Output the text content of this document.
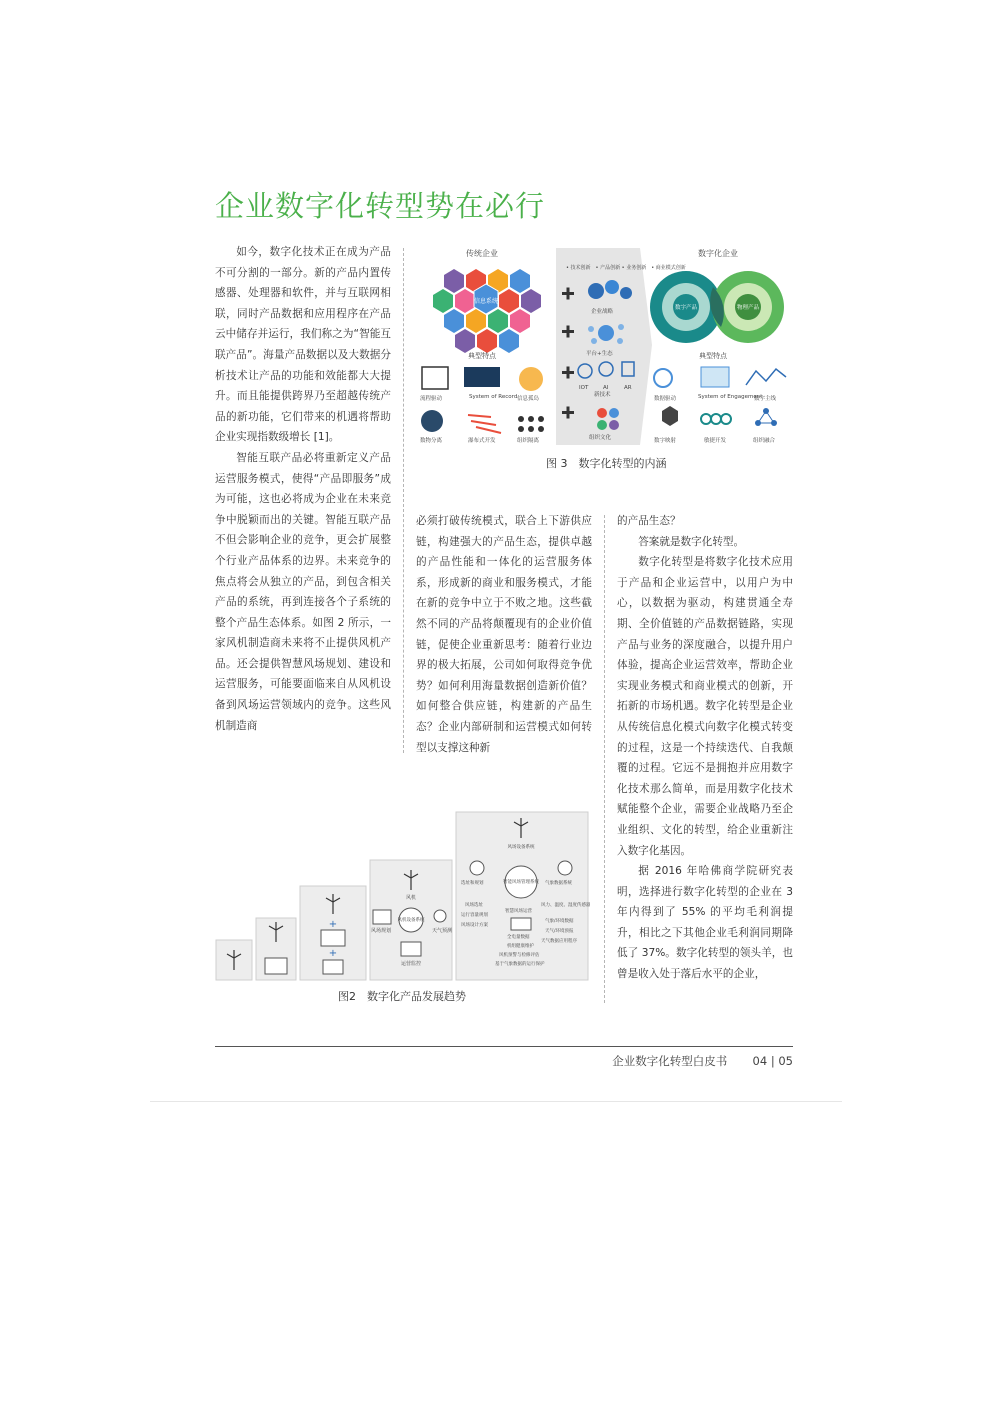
企业数字化转型势在必行

如今，数字化技术正在成为产品不可分割的一部分。新的产品内置传感器、处理器和软件，并与互联网相联，同时产品数据和应用程序在产品云中储存并运行，我们称之为“智能互联产品”。海量产品数据以及大数据分析技术让产品的功能和效能都大大提升。而且能提供跨界乃至超越传统产品的新功能，它们带来的机遇将帮助企业实现指数级增长 [1]。

智能互联产品必将重新定义产品运营服务模式，使得“产品即服务”成为可能，这也必将成为企业在未来竞争中脱颖而出的关键。智能互联产品不但会影响企业的竞争，更会扩展整个行业产品体系的边界。未来竞争的焦点将会从独立的产品，到包含相关产品的系统，再到连接各个子系统的整个产品生态体系。如图 2 所示，一家风机制造商未来将不止提供风机产品。还会提供智慧风场规划、建设和运营服务，可能要面临来自从风机设备到风场运营领域内的竞争。这些风机制造商

传统企业	数字化企业
信息系统
典型特点
流程驱动	System of Record 信息孤岛
数物分离	瀑布式开发	组织隔离
• 技术创新　• 产品创新 • 业务创新　• 商业模式创新
企业战略
平台+生态
IOT	AI	AR
新技术
组织文化
数字产品	物理产品
典型特点
数据驱动	System of Engagement
数字主线
数字映射	敏捷开发	组织融合
图 3　数字化转型的内涵

必须打破传统模式，联合上下游供应链，构建强大的产品生态，提供卓越的产品性能和一体化的运营服务体系，形成新的商业和服务模式，才能在新的竞争中立于不败之地。这些截然不同的产品将颠覆现有的企业价值链，促使企业重新思考：随着行业边界的极大拓展，公司如何取得竞争优势？如何利用海量数据创造新价值？如何整合供应链，构建新的产品生态？企业内部研制和运营模式如何转型以支撑这种新

的产品生态？

答案就是数字化转型。

数字化转型是将数字化技术应用于产品和企业运营中，以用户为中心，以数据为驱动，构建贯通全寿期、全价值链的产品数据链路，实现产品与业务的深度融合，以提升用户体验，提高企业运营效率，帮助企业实现业务模式和商业模式的创新，开拓新的市场机遇。数字化转型是企业从传统信息化模式向数字化模式转变的过程，这是一个持续迭代、自我颠覆的过程。它远不是拥抱并应用数字化技术那么简单，而是用数字化技术赋能整个企业，需要企业战略乃至企业组织、文化的转型，给企业重新注入数字化基因。

据 2016 年哈佛商学院研究表明，选择进行数字化转型的企业在 3 年内得到了 55% 的平均毛利润提升，相比之下其他企业毛利润同期降低了 37%。数字化转型的领头羊，也曾是收入处于落后水平的企业，

+
+
风机
风场规划
风机设备系统
天气预测
运营监控
风场设备系统
智能风场管理系统
选址和规划	气象数据系统
风场选址
运行容量规划
风场设计方案
智慧风场运营
全电量数据
机组健康维护
风机预警与检修评估
基于气象数据的运行保护
风力、温度、湿度传感器
气象/环境数据
天气/环境预报
天气数据应用程序
图2　数字化产品发展趋势
企业数字化转型白皮书 04 | 05
